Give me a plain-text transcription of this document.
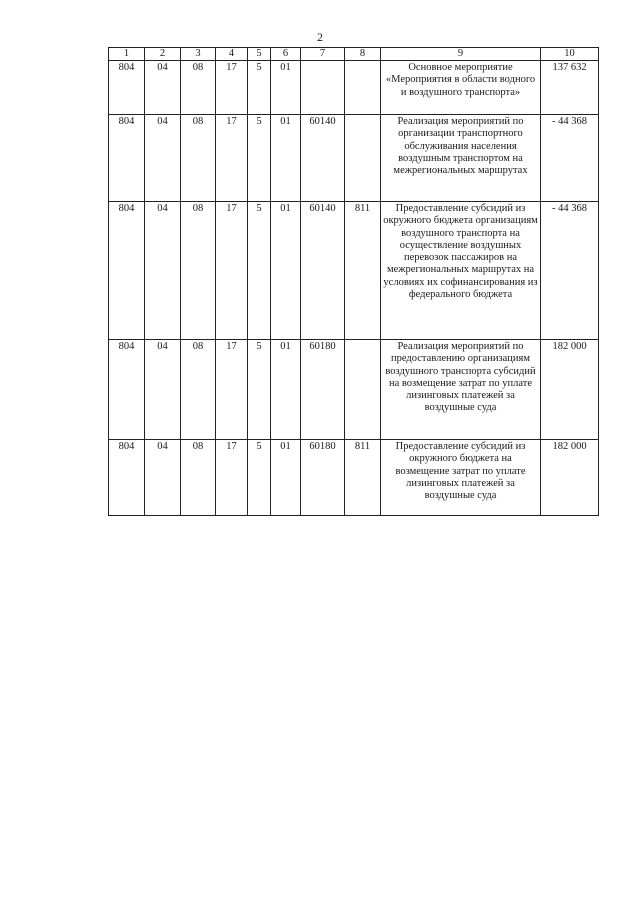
2
1	2	3	4	5	6	7	8	9	10
804	04	08	17	5	01			Основное мероприятие «Мероприятия в области водного и воздушного транспорта»	137 632
804	04	08	17	5	01	60140		Реализация мероприятий по организации транспортного обслуживания населения воздушным транспортом на межрегиональных маршрутах	- 44 368
804	04	08	17	5	01	60140	811	Предоставление субсидий из окружного бюджета организациям воздушного транспорта на осуществление воздушных перевозок пассажиров на межрегиональных маршрутах на условиях их софинансирования из федерального бюджета	- 44 368
804	04	08	17	5	01	60180		Реализация мероприятий по предоставлению организациям воздушного транспорта субсидий на возмещение затрат по уплате лизинговых платежей за воздушные суда	182 000
804	04	08	17	5	01	60180	811	Предоставление субсидий из окружного бюджета на возмещение затрат по уплате лизинговых платежей за воздушные суда	182 000
